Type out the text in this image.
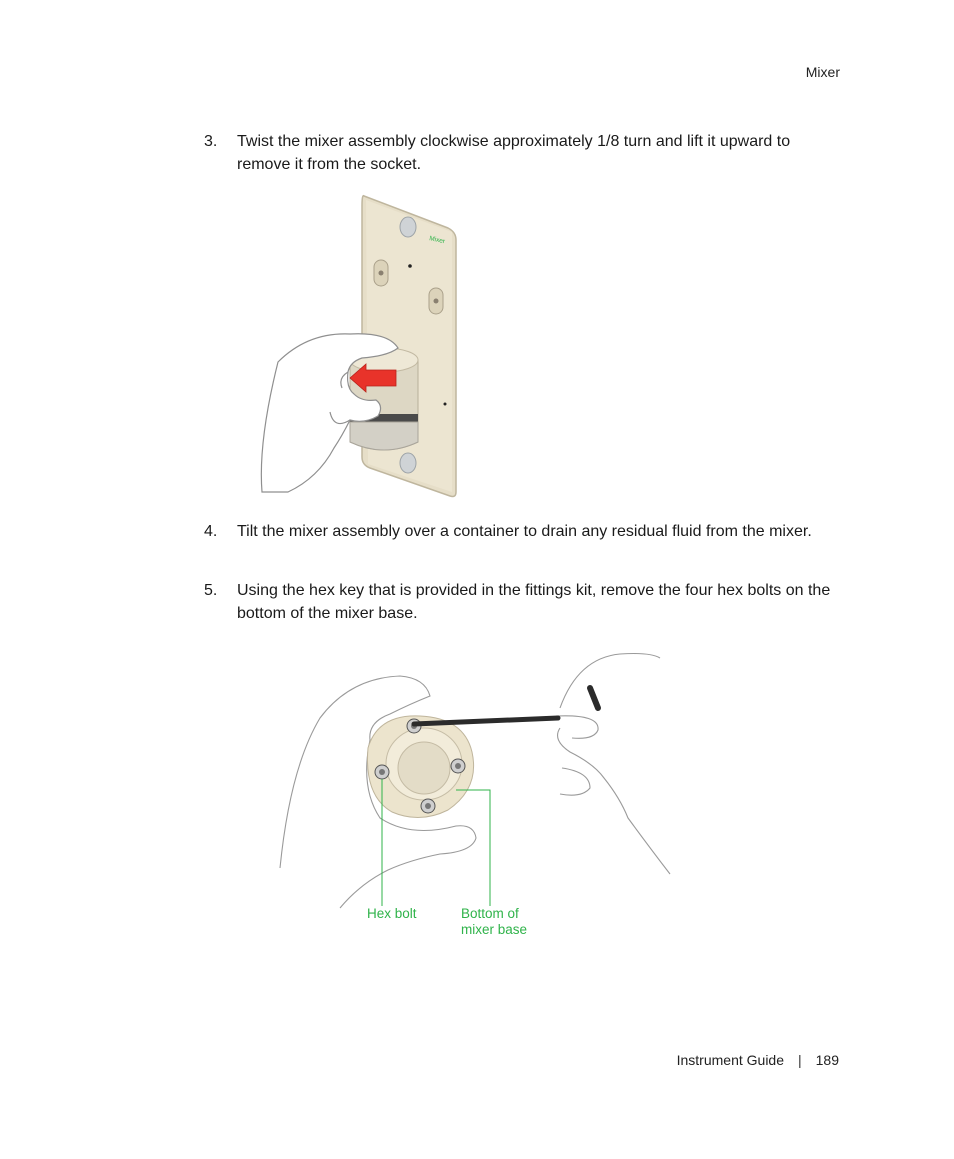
Mixer
3. Twist the mixer assembly clockwise approximately 1/8 turn and lift it upward to remove it from the socket.
Mixer
4. Tilt the mixer assembly over a container to drain any residual fluid from the mixer.
5. Using the hex key that is provided in the fittings kit, remove the four hex bolts on the bottom of the mixer base.
Hex bolt	Bottom of
mixer base
Instrument Guide | 189
